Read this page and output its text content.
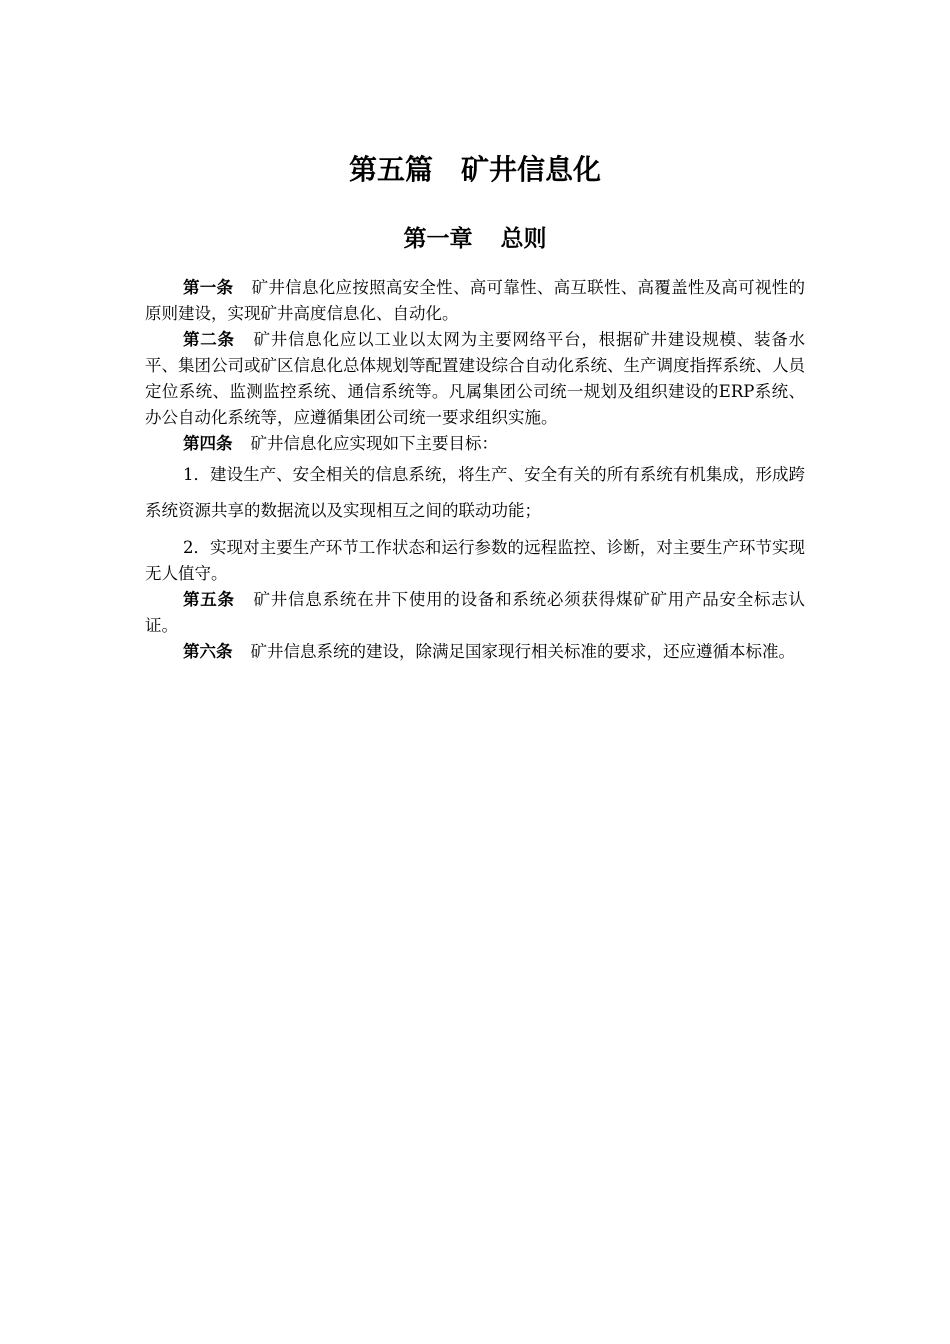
第五篇 矿井信息化
第一章 总则

第一条 矿井信息化应按照高安全性、高可靠性、高互联性、高覆盖性及高可视性的原则建设，实现矿井高度信息化、自动化。

第二条 矿井信息化应以工业以太网为主要网络平台，根据矿井建设规模、装备水平、集团公司或矿区信息化总体规划等配置建设综合自动化系统、生产调度指挥系统、人员定位系统、监测监控系统、通信系统等。凡属集团公司统一规划及组织建设的ERP系统、办公自动化系统等，应遵循集团公司统一要求组织实施。

第四条 矿井信息化应实现如下主要目标：

1．建设生产、安全相关的信息系统，将生产、安全有关的所有系统有机集成，形成跨系统资源共享的数据流以及实现相互之间的联动功能；

2．实现对主要生产环节工作状态和运行参数的远程监控、诊断，对主要生产环节实现无人值守。

第五条 矿井信息系统在井下使用的设备和系统必须获得煤矿矿用产品安全标志认证。

第六条 矿井信息系统的建设，除满足国家现行相关标准的要求，还应遵循本标准。
